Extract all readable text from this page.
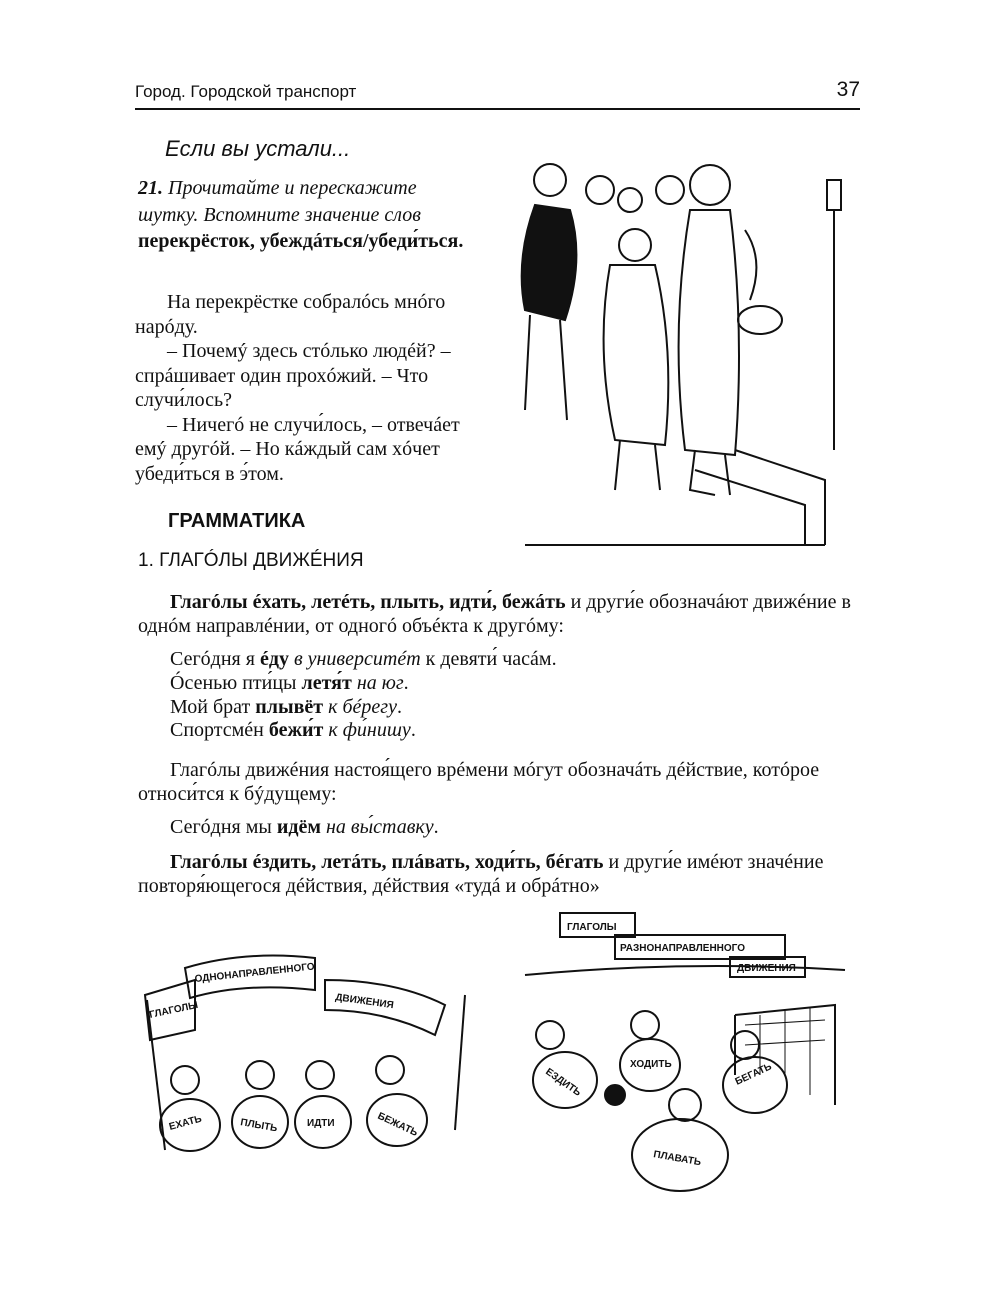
Город. Городской транспорт	37
Если вы устали...
21. Прочитайте и перескажите шутку. Вспомните значение слов перекрёсток, убеждáться/убеди́ться.
На перекрёстке собралóсь мнóго нарóду.
– Почемý здесь стóлько людéй? – спрáшивает один прохóжий. – Что случи́лось?
– Ничегó не случи́лось, – отвечáет емý другóй. – Но кáждый сам хóчет убеди́ться в э́том.
ГРАММАТИКА
1. ГЛАГÓЛЫ ДВИЖÉНИЯ
Глагóлы éхать, летéть, плыть, идти́, бежáть и други́е обозначáют движéние в однóм направлéнии, от одногó объéкта к другóму:
Сегóдня я éду в университéт к девяти́ часáм.
Óсенью пти́цы летя́т на юг.
Мой брат плывёт к бéрегу.
Спортсмéн бежи́т к фи́нишу.
Глагóлы движéния настоя́щего врéмени мóгут обозначáть дéйствие, котóрое относи́тся к бýдущему:
Сегóдня мы идём на вы́ставку.
Глагóлы éздить, летáть, плáвать, ходи́ть, бéгать и други́е имéют значéние повторя́ющегося дéйствия, дéйствия «тудá и обрáтно»
ГЛАГОЛЫ
ОДНОНАПРАВЛЕННОГО
ДВИЖЕНИЯ
ЕХАТЬ	ПЛЫТЬ	ИДТИ	БЕЖАТЬ
ГЛАГОЛЫ
РАЗНОНАПРАВЛЕННОГО
ДВИЖЕНИЯ
ЕЗДИТЬ
ХОДИТЬ	БЕГАТЬ
ПЛАВАТЬ
